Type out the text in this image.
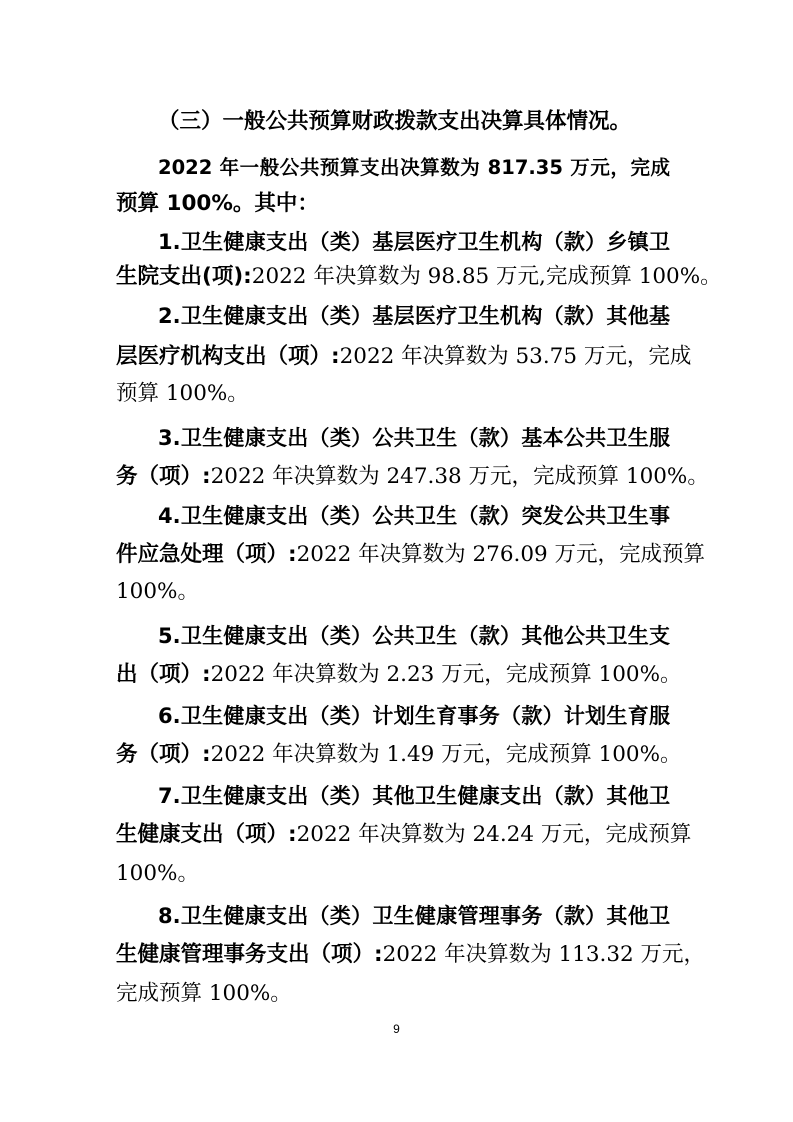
（三）一般公共预算财政拨款支出决算具体情况。
2022 年一般公共预算支出决算数为 817.35 万元，完成
预算 100%。其中：
1.卫生健康支出（类）基层医疗卫生机构（款）乡镇卫
生院支出(项):2022 年决算数为 98.85 万元,完成预算 100%。
2.卫生健康支出（类）基层医疗卫生机构（款）其他基
层医疗机构支出（项）:2022 年决算数为 53.75 万元，完成
预算 100%。
3.卫生健康支出（类）公共卫生（款）基本公共卫生服
务（项）:2022 年决算数为 247.38 万元，完成预算 100%。
4.卫生健康支出（类）公共卫生（款）突发公共卫生事
件应急处理（项）:2022 年决算数为 276.09 万元，完成预算
100%。
5.卫生健康支出（类）公共卫生（款）其他公共卫生支
出（项）:2022 年决算数为 2.23 万元，完成预算 100%。
6.卫生健康支出（类）计划生育事务（款）计划生育服
务（项）:2022 年决算数为 1.49 万元，完成预算 100%。
7.卫生健康支出（类）其他卫生健康支出（款）其他卫
生健康支出（项）:2022 年决算数为 24.24 万元，完成预算
100%。
8.卫生健康支出（类）卫生健康管理事务（款）其他卫
生健康管理事务支出（项）:2022 年决算数为 113.32 万元，
完成预算 100%。
9
